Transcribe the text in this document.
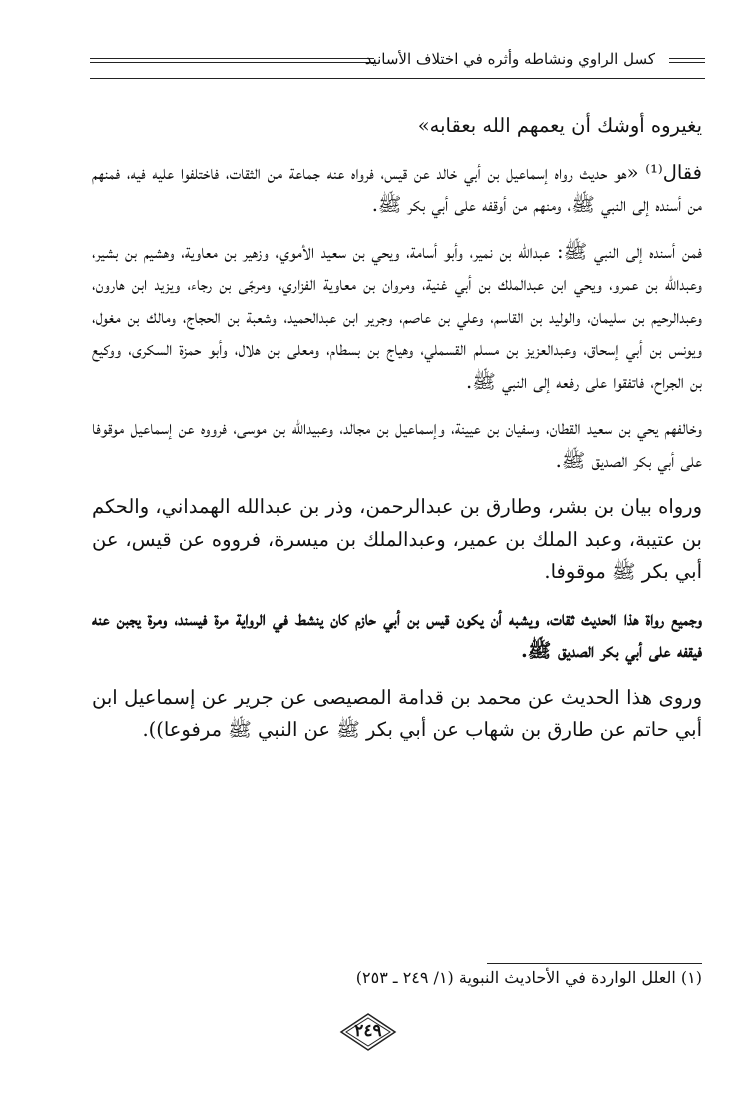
كسل الراوي ونشاطه وأثره في اختلاف الأسانيد

يغيروه أوشك أن يعمهم الله بعقابه»

فقال⁽¹⁾ «هو حديث رواه إسماعيل بن أبي خالد عن قيس، فرواه عنه جماعة من الثقات، فاختلفوا عليه فيه، فمنهم من أسنده إلى النبي ﷺ، ومنهم من أوقفه على أبي بكر ﷺ.

فمن أسنده إلى النبي ﷺ: عبدالله بن نمير، وأبو أسامة، ويحي بن سعيد الأموي، وزهير بن معاوية، وهشيم بن بشير، وعبدالله بن عمرو، ويحي ابن عبدالملك بن أبي غنية، ومروان بن معاوية الفزاري، ومرجّى بن رجاء، ويزيد ابن هارون، وعبدالرحيم بن سليمان، والوليد بن القاسم، وعلي بن عاصم، وجرير ابن عبدالحميد، وشعبة بن الحجاج، ومالك بن مغول، ويونس بن أبي إسحاق، وعبدالعزيز بن مسلم القسملي، وهياج بن بسطام، ومعلى بن هلال، وأبو حمزة السكرى، ووكيع بن الجراح، فاتفقوا على رفعه إلى النبي ﷺ.

وخالفهم يحي بن سعيد القطان، وسفيان بن عيينة، وإسماعيل بن مجالد، وعبيدالله بن موسى، فرووه عن إسماعيل موقوفا على أبي بكر الصديق ﷺ.

ورواه بيان بن بشر، وطارق بن عبدالرحمن، وذر بن عبدالله الهمداني، والحكم بن عتيبة، وعبد الملك بن عمير، وعبدالملك بن ميسرة، فرووه عن قيس، عن أبي بكر ﷺ موقوفا.

وجميع رواة هذا الحديث ثقات، ويشبه أن يكون قيس بن أبي حازم كان ينشط في الرواية مرة فيسند، ومرة يجبن عنه فيقفه على أبي بكر الصديق ﷺ.

وروى هذا الحديث عن محمد بن قدامة المصيصى عن جرير عن إسماعيل ابن أبي حاتم عن طارق بن شهاب عن أبي بكر ﷺ عن النبي ﷺ مرفوعا)).

(١) العلل الواردة في الأحاديث النبوية (١/ ٢٤٩ ـ ٢٥٣)
٢٤٩
